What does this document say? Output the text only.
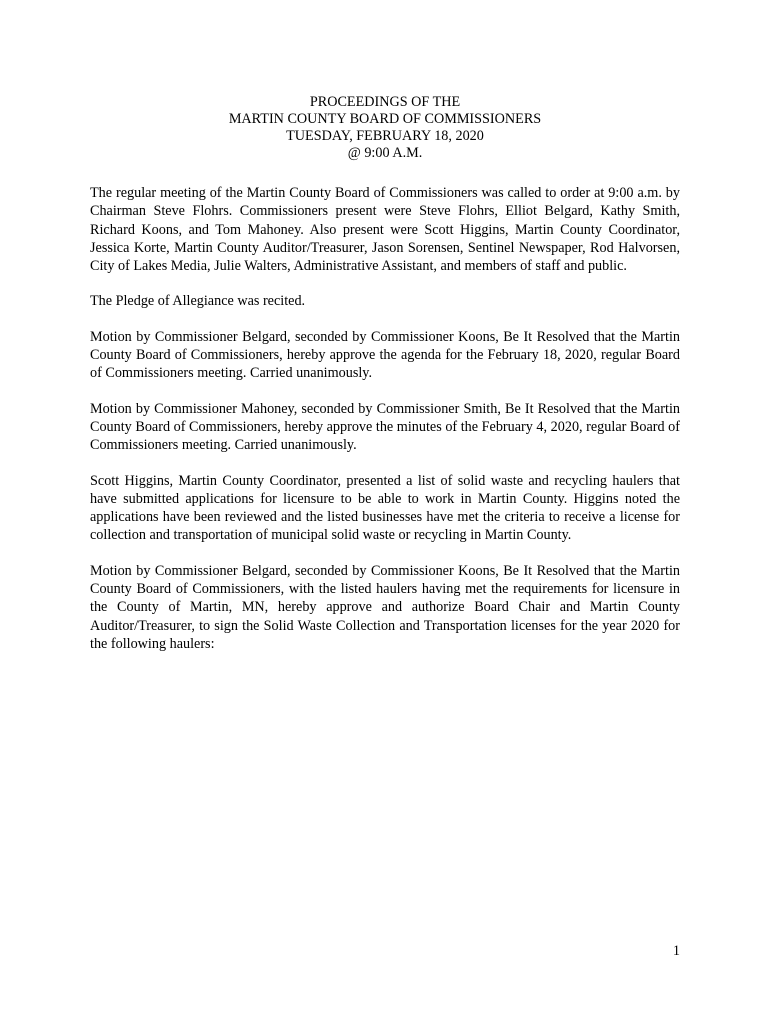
PROCEEDINGS OF THE
MARTIN COUNTY BOARD OF COMMISSIONERS
TUESDAY, FEBRUARY 18, 2020
@ 9:00 A.M.

The regular meeting of the Martin County Board of Commissioners was called to order at 9:00 a.m. by Chairman Steve Flohrs. Commissioners present were Steve Flohrs, Elliot Belgard, Kathy Smith, Richard Koons, and Tom Mahoney. Also present were Scott Higgins, Martin County Coordinator, Jessica Korte, Martin County Auditor/Treasurer, Jason Sorensen, Sentinel Newspaper, Rod Halvorsen, City of Lakes Media, Julie Walters, Administrative Assistant, and members of staff and public.

The Pledge of Allegiance was recited.

Motion by Commissioner Belgard, seconded by Commissioner Koons, Be It Resolved that the Martin County Board of Commissioners, hereby approve the agenda for the February 18, 2020, regular Board of Commissioners meeting. Carried unanimously.

Motion by Commissioner Mahoney, seconded by Commissioner Smith, Be It Resolved that the Martin County Board of Commissioners, hereby approve the minutes of the February 4, 2020, regular Board of Commissioners meeting. Carried unanimously.

Scott Higgins, Martin County Coordinator, presented a list of solid waste and recycling haulers that have submitted applications for licensure to be able to work in Martin County. Higgins noted the applications have been reviewed and the listed businesses have met the criteria to receive a license for collection and transportation of municipal solid waste or recycling in Martin County.

Motion by Commissioner Belgard, seconded by Commissioner Koons, Be It Resolved that the Martin County Board of Commissioners, with the listed haulers having met the requirements for licensure in the County of Martin, MN, hereby approve and authorize Board Chair and Martin County Auditor/Treasurer, to sign the Solid Waste Collection and Transportation licenses for the year 2020 for the following haulers:

1
